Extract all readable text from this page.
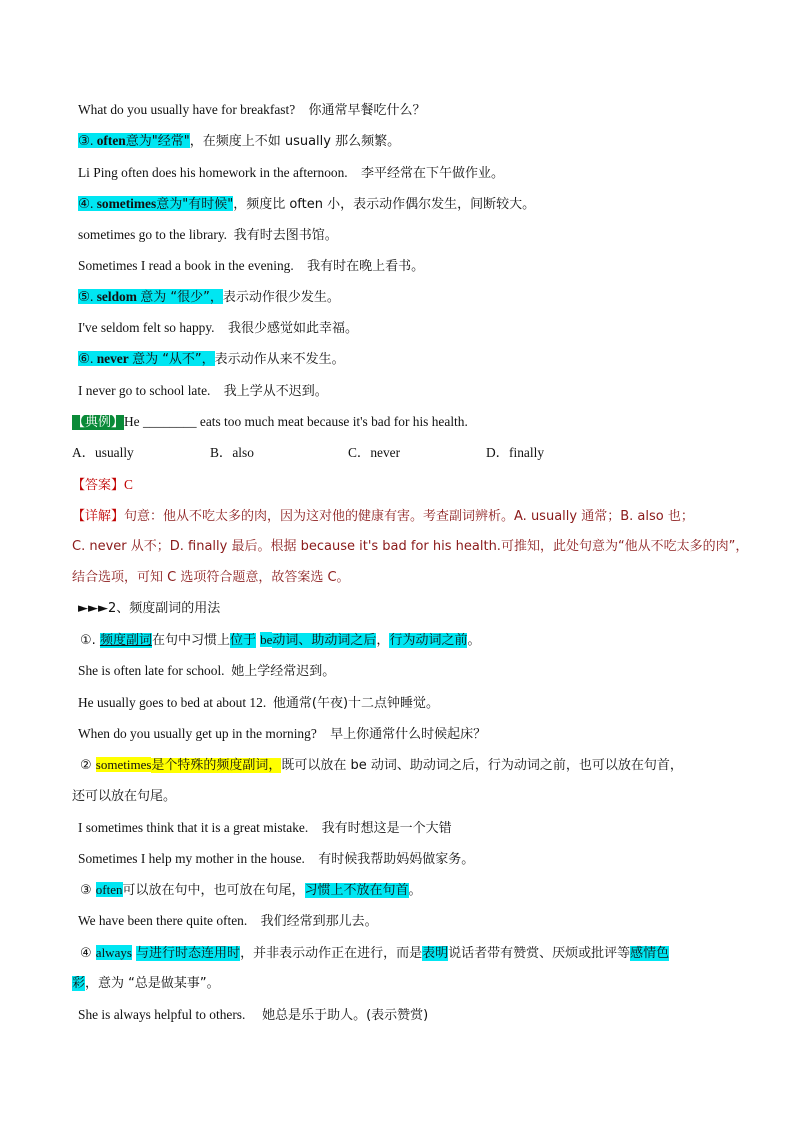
What do you usually have for breakfast? 你通常早餐吃什么？
③. often意为"经常"，在频度上不如 usually 那么频繁。
Li Ping often does his homework in the afternoon. 李平经常在下午做作业。
④. sometimes意为"有时候"，频度比 often 小，表示动作偶尔发生，间断较大。
sometimes go to the library. 我有时去图书馆。
Sometimes I read a book in the evening. 我有时在晚上看书。
⑤. seldom 意为 “很少”，表示动作很少发生。
I've seldom felt so happy. 我很少感觉如此幸福。
⑥. never 意为 “从不”，表示动作从来不发生。
I never go to school late. 我上学从不迟到。
【典例】He ________ eats too much meat because it's bad for his health.
A．usually	B．also	C．never	D．finally
【答案】C
【详解】句意：他从不吃太多的肉，因为这对他的健康有害。考查副词辨析。A. usually 通常；B. also 也；
C. never 从不；D. finally 最后。根据 because it's bad for his health.可推知，此处句意为“他从不吃太多的肉”，
结合选项，可知 C 选项符合题意，故答案选 C。
►►►2、频度副词的用法
①. 频度副词在句中习惯上位于 be动词、助动词之后，行为动词之前。
She is often late for school. 她上学经常迟到。
He usually goes to bed at about 12. 他通常(午夜)十二点钟睡觉。
When do you usually get up in the morning? 早上你通常什么时候起床？
② sometimes是个特殊的频度副词，既可以放在 be 动词、助动词之后，行为动词之前，也可以放在句首，
还可以放在句尾。
I sometimes think that it is a great mistake. 我有时想这是一个大错
Sometimes I help my mother in the house. 有时候我帮助妈妈做家务。
③ often可以放在句中，也可放在句尾，习惯上不放在句首。
We have been there quite often. 我们经常到那儿去。
④ always 与进行时态连用时，并非表示动作正在进行，而是表明说话者带有赞赏、厌烦或批评等感情色
彩，意为 “总是做某事”。
She is always helpful to others. 她总是乐于助人。(表示赞赏)
